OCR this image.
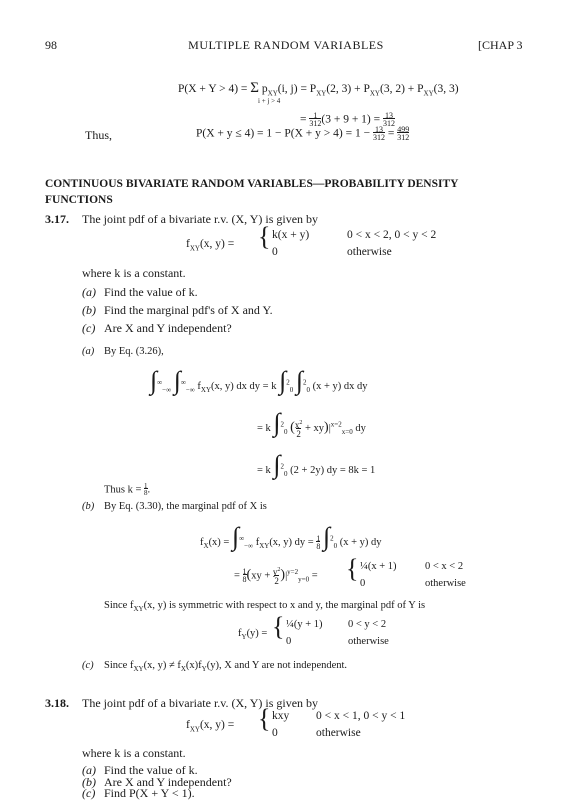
98	MULTIPLE RANDOM VARIABLES	[CHAP 3
P(X + Y > 4) = Σ $p_{XY}(i$, $j) = P_{XY}(2$, $3) + P_{XY}(3$, $2) + P_{XY}(3$, 3)
i + j > 4
= 1
312(3 + 9 + 1) = 13
312
Thus,	P(X + y ≤ 4) = 1 − P(X + y > 4) = 1 − 13
312 = 499
312
CONTINUOUS BIVARIATE RANDOM VARIABLES—PROBABILITY DENSITY
FUNCTIONS
3.17. The joint pdf of a bivariate r.v. (X, Y) is given by
$f_{XY}(x$, y) = { k(x + y)	0 < x < 2, 0 < y < 2
0	otherwise
where k is a constant.
(a) Find the value of k.
(b) Find the marginal pdf's of X and Y.
(c) Are X and Y independent?
(a) By Eq. (3.26),
$\int^\infty_{-\infty}$ $\int^\infty_{-\infty}$ $f_{XY}(x$, y) dx dy = k ∫$^2_0$ ∫$^2_0$ (x + y) dx dy
= k ∫$^2_0$ ($x^2$
$2 + xy)|^{x=2}_{x=0}$ dy
= k ∫$^2_0$ (2 + 2y) dy = 8k = 1
Thus k = 1
8.
(b) By Eq. (3.30), the marginal pdf of X is
$f_X(x) = \int^\infty_{-\infty}$ $f_{XY}(x$, y) dy = 1
8 ∫$^2_0$ (x + y) dy
= 1
$8(xy + y^2$
2 )$|^{y=2}_{y=0}$ = { ¼(x + 1)	0 < x < 2
0	otherwise
Since $f_{XY}(x$, y) is symmetric with respect to x and y, the marginal pdf of Y is
$f_Y(y)$ = { ¼(y + 1) 0 < y < 2
0	otherwise
(c) Since $f_{XY}(x$, $y) \ne f_X(x)f_Y(y)$, X and Y are not independent.
3.18. The joint pdf of a bivariate r.v. (X, Y) is given by
$f_{XY}(x$, y) = { kxy 0 < x < 1, 0 < y < 1
0	otherwise
where k is a constant.
(a) Find the value of k.
(b) Are X and Y independent?
(c) Find P(X + Y < 1).
